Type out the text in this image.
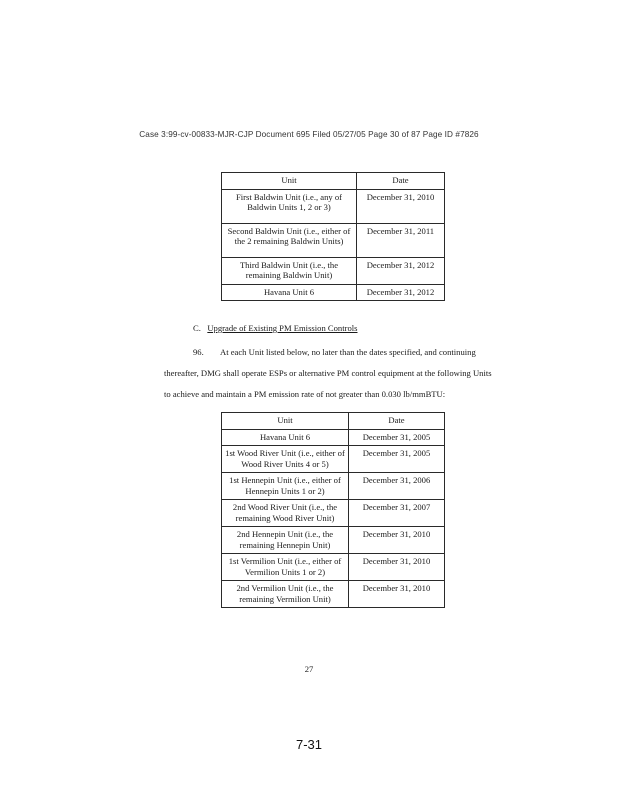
Case 3:99-cv-00833-MJR-CJP Document 695 Filed 05/27/05 Page 30 of 87 Page ID #7826
Unit	Date
First Baldwin Unit (i.e., any of Baldwin Units 1, 2 or 3)	December 31, 2010
Second Baldwin Unit (i.e., either of the 2 remaining Baldwin Units)	December 31, 2011
Third Baldwin Unit (i.e., the remaining Baldwin Unit)	December 31, 2012
Havana Unit 6	December 31, 2012
C. Upgrade of Existing PM Emission Controls
96. At each Unit listed below, no later than the dates specified, and continuing
thereafter, DMG shall operate ESPs or alternative PM control equipment at the following Units
to achieve and maintain a PM emission rate of not greater than 0.030 lb/mmBTU:
Unit	Date
Havana Unit 6	December 31, 2005
1st Wood River Unit (i.e., either of Wood River Units 4 or 5)	December 31, 2005
1st Hennepin Unit (i.e., either of Hennepin Units 1 or 2)	December 31, 2006
2nd Wood River Unit (i.e., the remaining Wood River Unit)	December 31, 2007
2nd Hennepin Unit (i.e., the remaining Hennepin Unit)	December 31, 2010
1st Vermilion Unit (i.e., either of Vermilion Units 1 or 2)	December 31, 2010
2nd Vermilion Unit (i.e., the remaining Vermilion Unit)	December 31, 2010
27
7-31
